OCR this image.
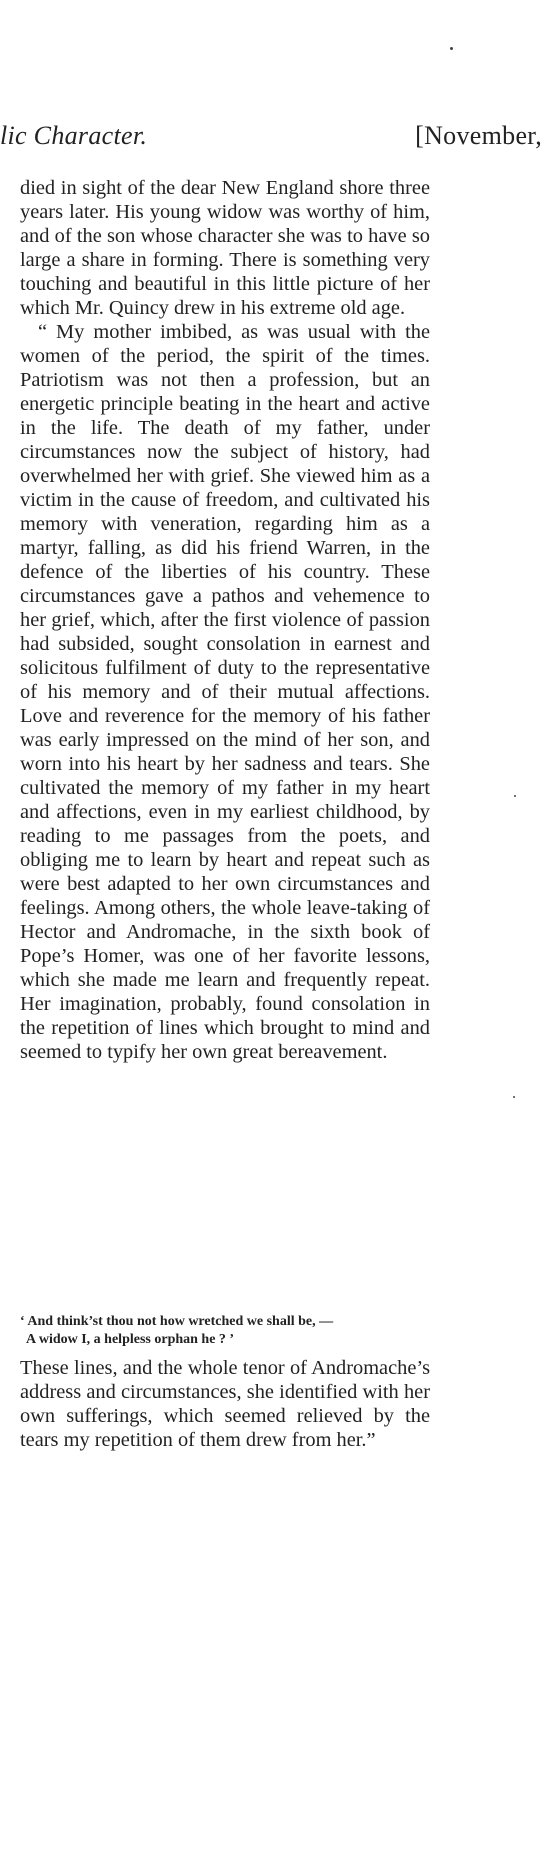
lic Character.	[November,

died in sight of the dear New England shore three years later. His young widow was worthy of him, and of the son whose character she was to have so large a share in forming. There is something very touching and beautiful in this little picture of her which Mr. Quincy drew in his extreme old age.

“ My mother imbibed, as was usual with the women of the period, the spirit of the times. Patriotism was not then a profession, but an energetic principle beating in the heart and active in the life. The death of my father, under circumstances now the subject of history, had overwhelmed her with grief. She viewed him as a victim in the cause of freedom, and cultivated his memory with veneration, regarding him as a martyr, falling, as did his friend Warren, in the defence of the liberties of his country. These circumstances gave a pathos and vehemence to her grief, which, after the first violence of passion had subsided, sought consolation in earnest and solicitous fulfilment of duty to the representative of his memory and of their mutual affections. Love and reverence for the memory of his father was early impressed on the mind of her son, and worn into his heart by her sadness and tears. She cultivated the memory of my father in my heart and affections, even in my earliest childhood, by reading to me passages from the poets, and obliging me to learn by heart and repeat such as were best adapted to her own circumstances and feelings. Among others, the whole leave-taking of Hector and Andromache, in the sixth book of Pope’s Homer, was one of her favorite lessons, which she made me learn and frequently repeat. Her imagination, probably, found consolation in the repetition of lines which brought to mind and seemed to typify her own great bereavement.

‘ And think’st thou not how wretched we shall be, —
A widow I, a helpless orphan he ? ’

These lines, and the whole tenor of Andromache’s address and circumstances, she identified with her own sufferings, which seemed relieved by the tears my repetition of them drew from her.”
